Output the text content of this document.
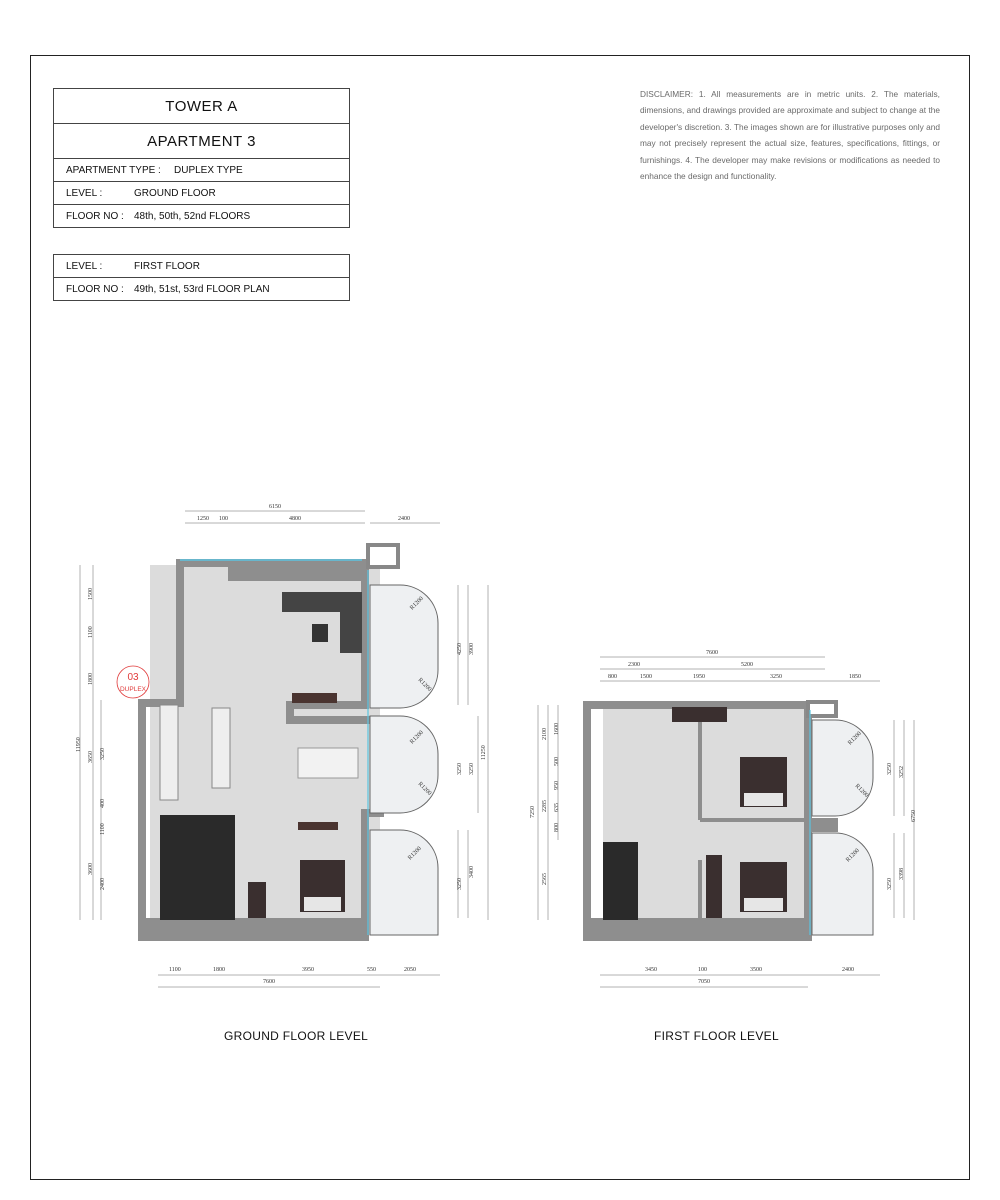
TOWER A
APARTMENT 3
APARTMENT TYPE : DUPLEX TYPE
LEVEL :	GROUND FLOOR
FLOOR NO : 48th, 50th, 52nd FLOORS
LEVEL :	FIRST FLOOR
FLOOR NO : 49th, 51st, 53rd FLOOR PLAN
DISCLAIMER: 1. All measurements are in metric units. 2. The materials, dimensions, and drawings provided are approximate and subject to change at the developer's discretion. 3. The images shown are for illustrative purposes only and may not precisely represent the actual size, features, specifications, fittings, or furnishings. 4. The developer may make revisions or modifications as needed to enhance the design and functionality.
6150
1250 100	4800	2400
1100	1800	3950	550	2050
7600
1500
1100
1800
3650 3250
400
1100
3600
2400
11950
4250 3900
3250 3250
11250
3400
3250
R1200
R1200
R1200
R1200
R1200
03
DUPLEX
7600
2300	5200
800	1500	1950	3250	1850
3450	100	3500	2400
7050
2100 1600
500
950
635
2285
800
7250
2565
3250 3252
6750
3250
3398
R1200
R1200
R1200
GROUND FLOOR LEVEL	FIRST FLOOR LEVEL
